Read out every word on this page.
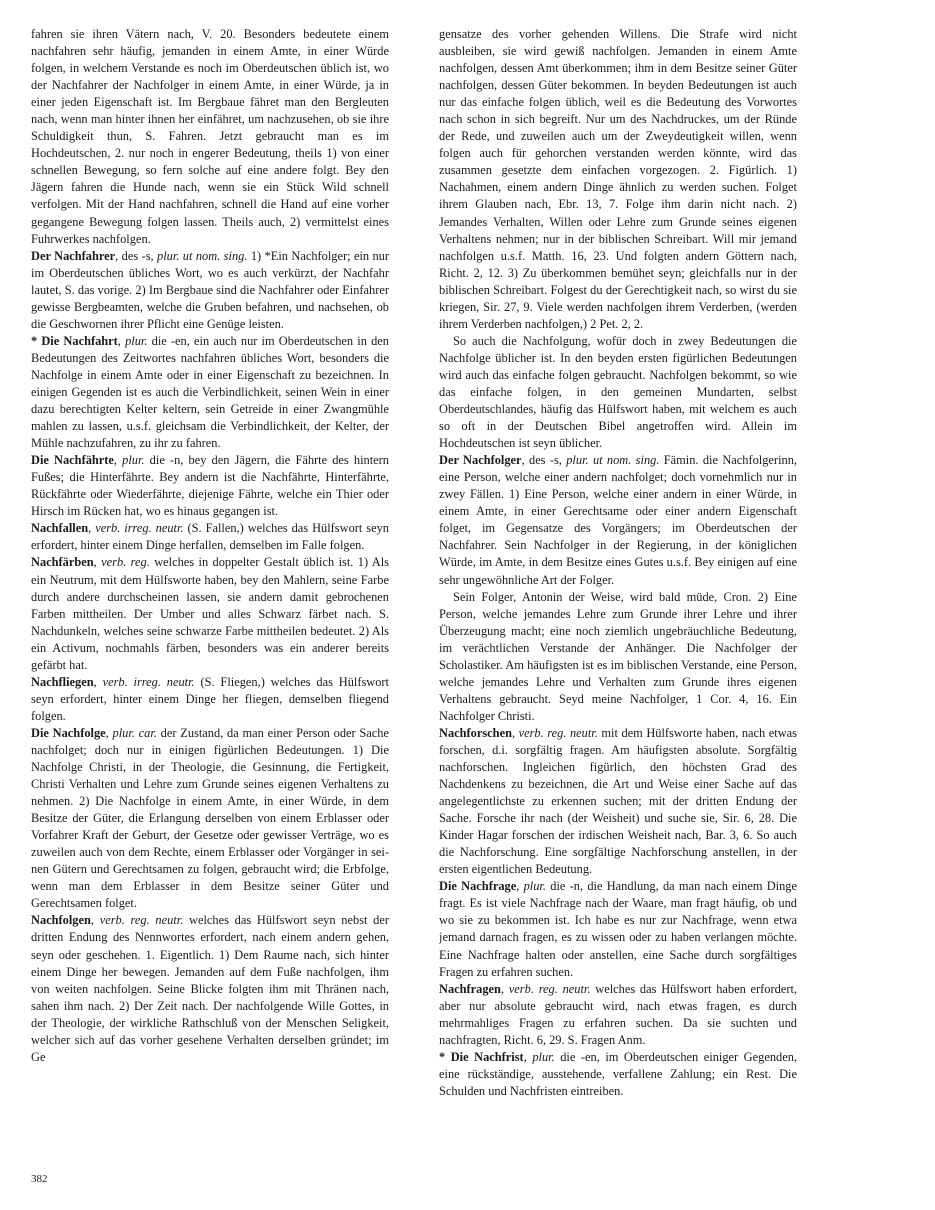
fahren sie ihren Vätern nach, V. 20. Besonders bedeutete einem nachfahren sehr häufig, jemanden in einem Amte, in einer Würde folgen, in welchem Verstande es noch im Oberdeutschen üblich ist, wo der Nachfahrer der Nachfolger in einem Amte, in einer Würde, ja in einer jeden Eigenschaft ist. Im Bergbaue fähret man den Bergleuten nach, wenn man hinter ihnen her einfähret, um nachzusehen, ob sie ihre Schuldigkeit thun, S. Fahren. Jetzt gebraucht man es im Hochdeutschen, 2. nur noch in engerer Bedeutung, theils 1) von einer schnellen Bewegung, so fern solche auf eine andere folgt. Bey den Jägern fahren die Hunde nach, wenn sie ein Stück Wild schnell verfolgen. Mit der Hand nachfahren, schnell die Hand auf eine vorher gegangene Bewegung folgen lassen. Theils auch, 2) vermittelst eines Fuhrwerkes nachfolgen.

Der Nachfahrer, des -s, plur. ut nom. sing. 1) *Ein Nachfolger; ein nur im Oberdeutschen übliches Wort, wo es auch verkürzt, der Nachfahr lautet, S. das vorige. 2) Im Bergbaue sind die Nachfahrer oder Einfahrer gewisse Bergbeamten, welche die Gruben befahren, und nachsehen, ob die Geschwornen ihrer Pflicht eine Genüge leisten.

* Die Nachfahrt, plur. die -en, ein auch nur im Oberdeutschen in den Bedeutungen des Zeitwortes nachfahren übliches Wort, besonders die Nachfolge in einem Amte oder in einer Eigenschaft zu bezeichnen. In einigen Gegenden ist es auch die Verbindlichkeit, seinen Wein in einer dazu berechtigten Kelter keltern, sein Getreide in einer Zwangmühle mahlen zu lassen, u.s.f. gleichsam die Verbindlichkeit, der Kelter, der Mühle nachzufahren, zu ihr zu fahren.

Die Nachfährte, plur. die -n, bey den Jägern, die Fährte des hintern Fußes; die Hinterfährte. Bey andern ist die Nachfährte, Hinterfährte, Rückfährte oder Wiederfährte, diejenige Fährte, welche ein Thier oder Hirsch im Rücken hat, wo es hinaus gegangen ist.

Nachfallen, verb. irreg. neutr. (S. Fallen,) welches das Hülfswort seyn erfordert, hinter einem Dinge herfallen, demselben im Falle folgen.

Nachfärben, verb. reg. welches in doppelter Gestalt üblich ist. 1) Als ein Neutrum, mit dem Hülfsworte haben, bey den Mahlern, seine Farbe durch andere durchscheinen lassen, sie andern damit gebrochenen Farben mittheilen. Der Umber und alles Schwarz färbet nach. S. Nachdunkeln, welches seine schwarze Farbe mittheilen bedeutet. 2) Als ein Activum, nochmahls färben, besonders was ein anderer bereits gefärbt hat.

Nachfliegen, verb. irreg. neutr. (S. Fliegen,) welches das Hülfswort seyn erfordert, hinter einem Dinge her fliegen, demselben fliegend folgen.

Die Nachfolge, plur. car. der Zustand, da man einer Person oder Sache nachfolget; doch nur in einigen figürlichen Bedeutungen. 1) Die Nachfolge Christi, in der Theologie, die Gesinnung, die Fertigkeit, Christi Verhalten und Lehre zum Grunde seines eigenen Verhaltens zu nehmen. 2) Die Nachfolge in einem Amte, in einer Würde, in dem Besitze der Güter, die Erlangung derselben von einem Erblasser oder Vorfahrer Kraft der Geburt, der Gesetze oder gewisser Verträge, wo es zuweilen auch von dem Rechte, einem Erblasser oder Vorgänger in seinen Gütern und Gerechtsamen zu folgen, gebraucht wird; die Erbfolge, wenn man dem Erblasser in dem Besitze seiner Güter und Gerechtsamen folget.

Nachfolgen, verb. reg. neutr. welches das Hülfswort seyn nebst der dritten Endung des Nennwortes erfordert, nach einem andern gehen, seyn oder geschehen. 1. Eigentlich. 1) Dem Raume nach, sich hinter einem Dinge her bewegen. Jemanden auf dem Fuße nachfolgen, ihm von weiten nachfolgen. Seine Blicke folgten ihm mit Thränen nach, sahen ihm nach. 2) Der Zeit nach. Der nachfolgende Wille Gottes, in der Theologie, der wirkliche Rathschluß von der Menschen Seligkeit, welcher sich auf das vorher gesehene Verhalten derselben gründet; im Ge

gensatze des vorher gehenden Willens. Die Strafe wird nicht ausbleiben, sie wird gewiß nachfolgen. Jemanden in einem Amte nachfolgen, dessen Amt überkommen; ihm in dem Besitze seiner Güter nachfolgen, dessen Güter bekommen. In beyden Bedeutungen ist auch nur das einfache folgen üblich, weil es die Bedeutung des Vorwortes nach schon in sich begreift. Nur um des Nachdruckes, um der Ründe der Rede, und zuweilen auch um der Zweydeutigkeit willen, wenn folgen auch für gehorchen verstanden werden könnte, wird das zusammen gesetzte dem einfachen vorgezogen. 2. Figürlich. 1) Nachahmen, einem andern Dinge ähnlich zu werden suchen. Folget ihrem Glauben nach, Ebr. 13, 7. Folge ihm darin nicht nach. 2) Jemandes Verhalten, Willen oder Lehre zum Grunde seines eigenen Verhaltens nehmen; nur in der biblischen Schreibart. Will mir jemand nachfolgen u.s.f. Matth. 16, 23. Und folgten andern Göttern nach, Richt. 2, 12. 3) Zu überkommen bemühet seyn; gleichfalls nur in der biblischen Schreibart. Folgest du der Gerechtigkeit nach, so wirst du sie kriegen, Sir. 27, 9. Viele werden nachfolgen ihrem Verderben, (werden ihrem Verderben nachfolgen,) 2 Pet. 2, 2.

So auch die Nachfolgung, wofür doch in zwey Bedeutungen die Nachfolge üblicher ist. In den beyden ersten figürlichen Bedeutungen wird auch das einfache folgen gebraucht. Nachfolgen bekommt, so wie das einfache folgen, in den gemeinen Mundarten, selbst Oberdeutschlandes, häufig das Hülfswort haben, mit welchem es auch so oft in der Deutschen Bibel angetroffen wird. Allein im Hochdeutschen ist seyn üblicher.

Der Nachfolger, des -s, plur. ut nom. sing. Fämin. die Nachfolgerinn, eine Person, welche einer andern nachfolget; doch vornehmlich nur in zwey Fällen. 1) Eine Person, welche einer andern in einer Würde, in einem Amte, in einer Gerechtsame oder einer andern Eigenschaft folget, im Gegensatze des Vorgängers; im Oberdeutschen der Nachfahrer. Sein Nachfolger in der Regierung, in der königlichen Würde, im Amte, in dem Besitze eines Gutes u.s.f. Bey einigen auf eine sehr ungewöhnliche Art der Folger.

Sein Folger, Antonin der Weise, wird bald müde, Cron. 2) Eine Person, welche jemandes Lehre zum Grunde ihrer Lehre und ihrer Überzeugung macht; eine noch ziemlich ungebräuchliche Bedeutung, im verächtlichen Verstande der Anhänger. Die Nachfolger der Scholastiker. Am häufigsten ist es im biblischen Verstande, eine Person, welche jemandes Lehre und Verhalten zum Grunde ihres eigenen Verhaltens gebraucht. Seyd meine Nachfolger, 1 Cor. 4, 16. Ein Nachfolger Christi.

Nachforschen, verb. reg. neutr. mit dem Hülfsworte haben, nach etwas forschen, d.i. sorgfältig fragen. Am häufigsten absolute. Sorgfältig nachforschen. Ingleichen figürlich, den höchsten Grad des Nachdenkens zu bezeichnen, die Art und Weise einer Sache auf das angelegentlichste zu erkennen suchen; mit der dritten Endung der Sache. Forsche ihr nach (der Weisheit) und suche sie, Sir. 6, 28. Die Kinder Hagar forschen der irdischen Weisheit nach, Bar. 3, 6. So auch die Nachforschung. Eine sorgfältige Nachforschung anstellen, in der ersten eigentlichen Bedeutung.

Die Nachfrage, plur. die -n, die Handlung, da man nach einem Dinge fragt. Es ist viele Nachfrage nach der Waare, man fragt häufig, ob und wo sie zu bekommen ist. Ich habe es nur zur Nachfrage, wenn etwa jemand darnach fragen, es zu wissen oder zu haben verlangen möchte. Eine Nachfrage halten oder anstellen, eine Sache durch sorgfältiges Fragen zu erfahren suchen.

Nachfragen, verb. reg. neutr. welches das Hülfswort haben erfordert, aber nur absolute gebraucht wird, nach etwas fragen, es durch mehrmahliges Fragen zu erfahren suchen. Da sie suchten und nachfragten, Richt. 6, 29. S. Fragen Anm.

* Die Nachfrist, plur. die -en, im Oberdeutschen einiger Gegenden, eine rückständige, ausstehende, verfallene Zahlung; ein Rest. Die Schulden und Nachfristen eintreiben.

382
